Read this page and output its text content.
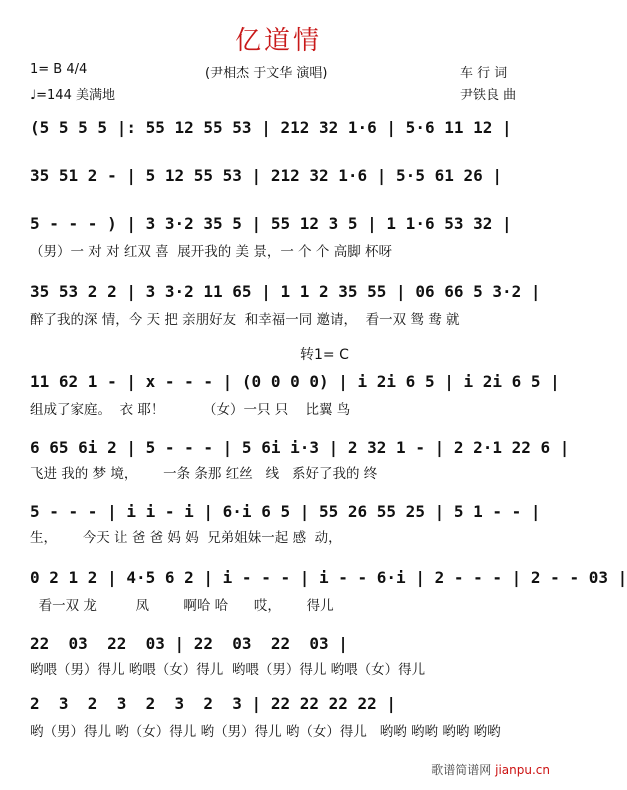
亿道情
1= B 4/4
♩=144 美满地
(尹相杰 于文华 演唱)	车 行 词
尹铁良 曲
(5 5 5 5 |: 55 12 55 53 | 212 32 1·6 | 5·6 11 12 |
35 51 2 - | 5 12 55 53 | 212 32 1·6 | 5·5 61 26 |
5 - - - ) | 3 3·2 35 5 | 55 12 3 5 | 1 1·6 53 32 |
（男）一 对 对 红双 喜  展开我的 美 景，一 个 个 高脚 杯呀
35 53 2 2 | 3 3·2 11 65 | 1 1 2 35 55 | 06 66 5 3·2 |
醉了我的深 情，今 天 把 亲朋好友  和幸福一同 邀请，  看一双 鸳 鸯 就
转1= C
11 62 1 - | x - - - | (0 0 0 0) | i 2i 6 5 | i 2i 6 5 |
组成了家庭。  衣 耶！         （女）一只 只    比翼 鸟
6 65 6i 2 | 5 - - - | 5 6i i·3 | 2 32 1 - | 2 2·1 22 6 |
飞进 我的 梦 境，      一条 条那 红丝   线   系好了我的 终
5 - - - | i i - i | 6·i 6 5 | 55 26 55 25 | 5 1 - - |
生，      今天 让 爸 爸 妈 妈  兄弟姐妹一起 感  动，
0 2 1 2 | 4·5 6 2 | i - - - | i - - 6·i | 2 - - - | 2 - - 03 |
看一双 龙         凤        啊哈 哈      哎，      得儿
22  03  22  03 | 22  03  22  03 |
哟喂（男）得儿 哟喂（女）得儿  哟喂（男）得儿 哟喂（女）得儿
2  3  2  3  2  3  2  3 | 22 22 22 22 |
哟（男）得儿 哟（女）得儿 哟（男）得儿 哟（女）得儿   哟哟 哟哟 哟哟 哟哟
歌谱简谱网 jianpu.cn
